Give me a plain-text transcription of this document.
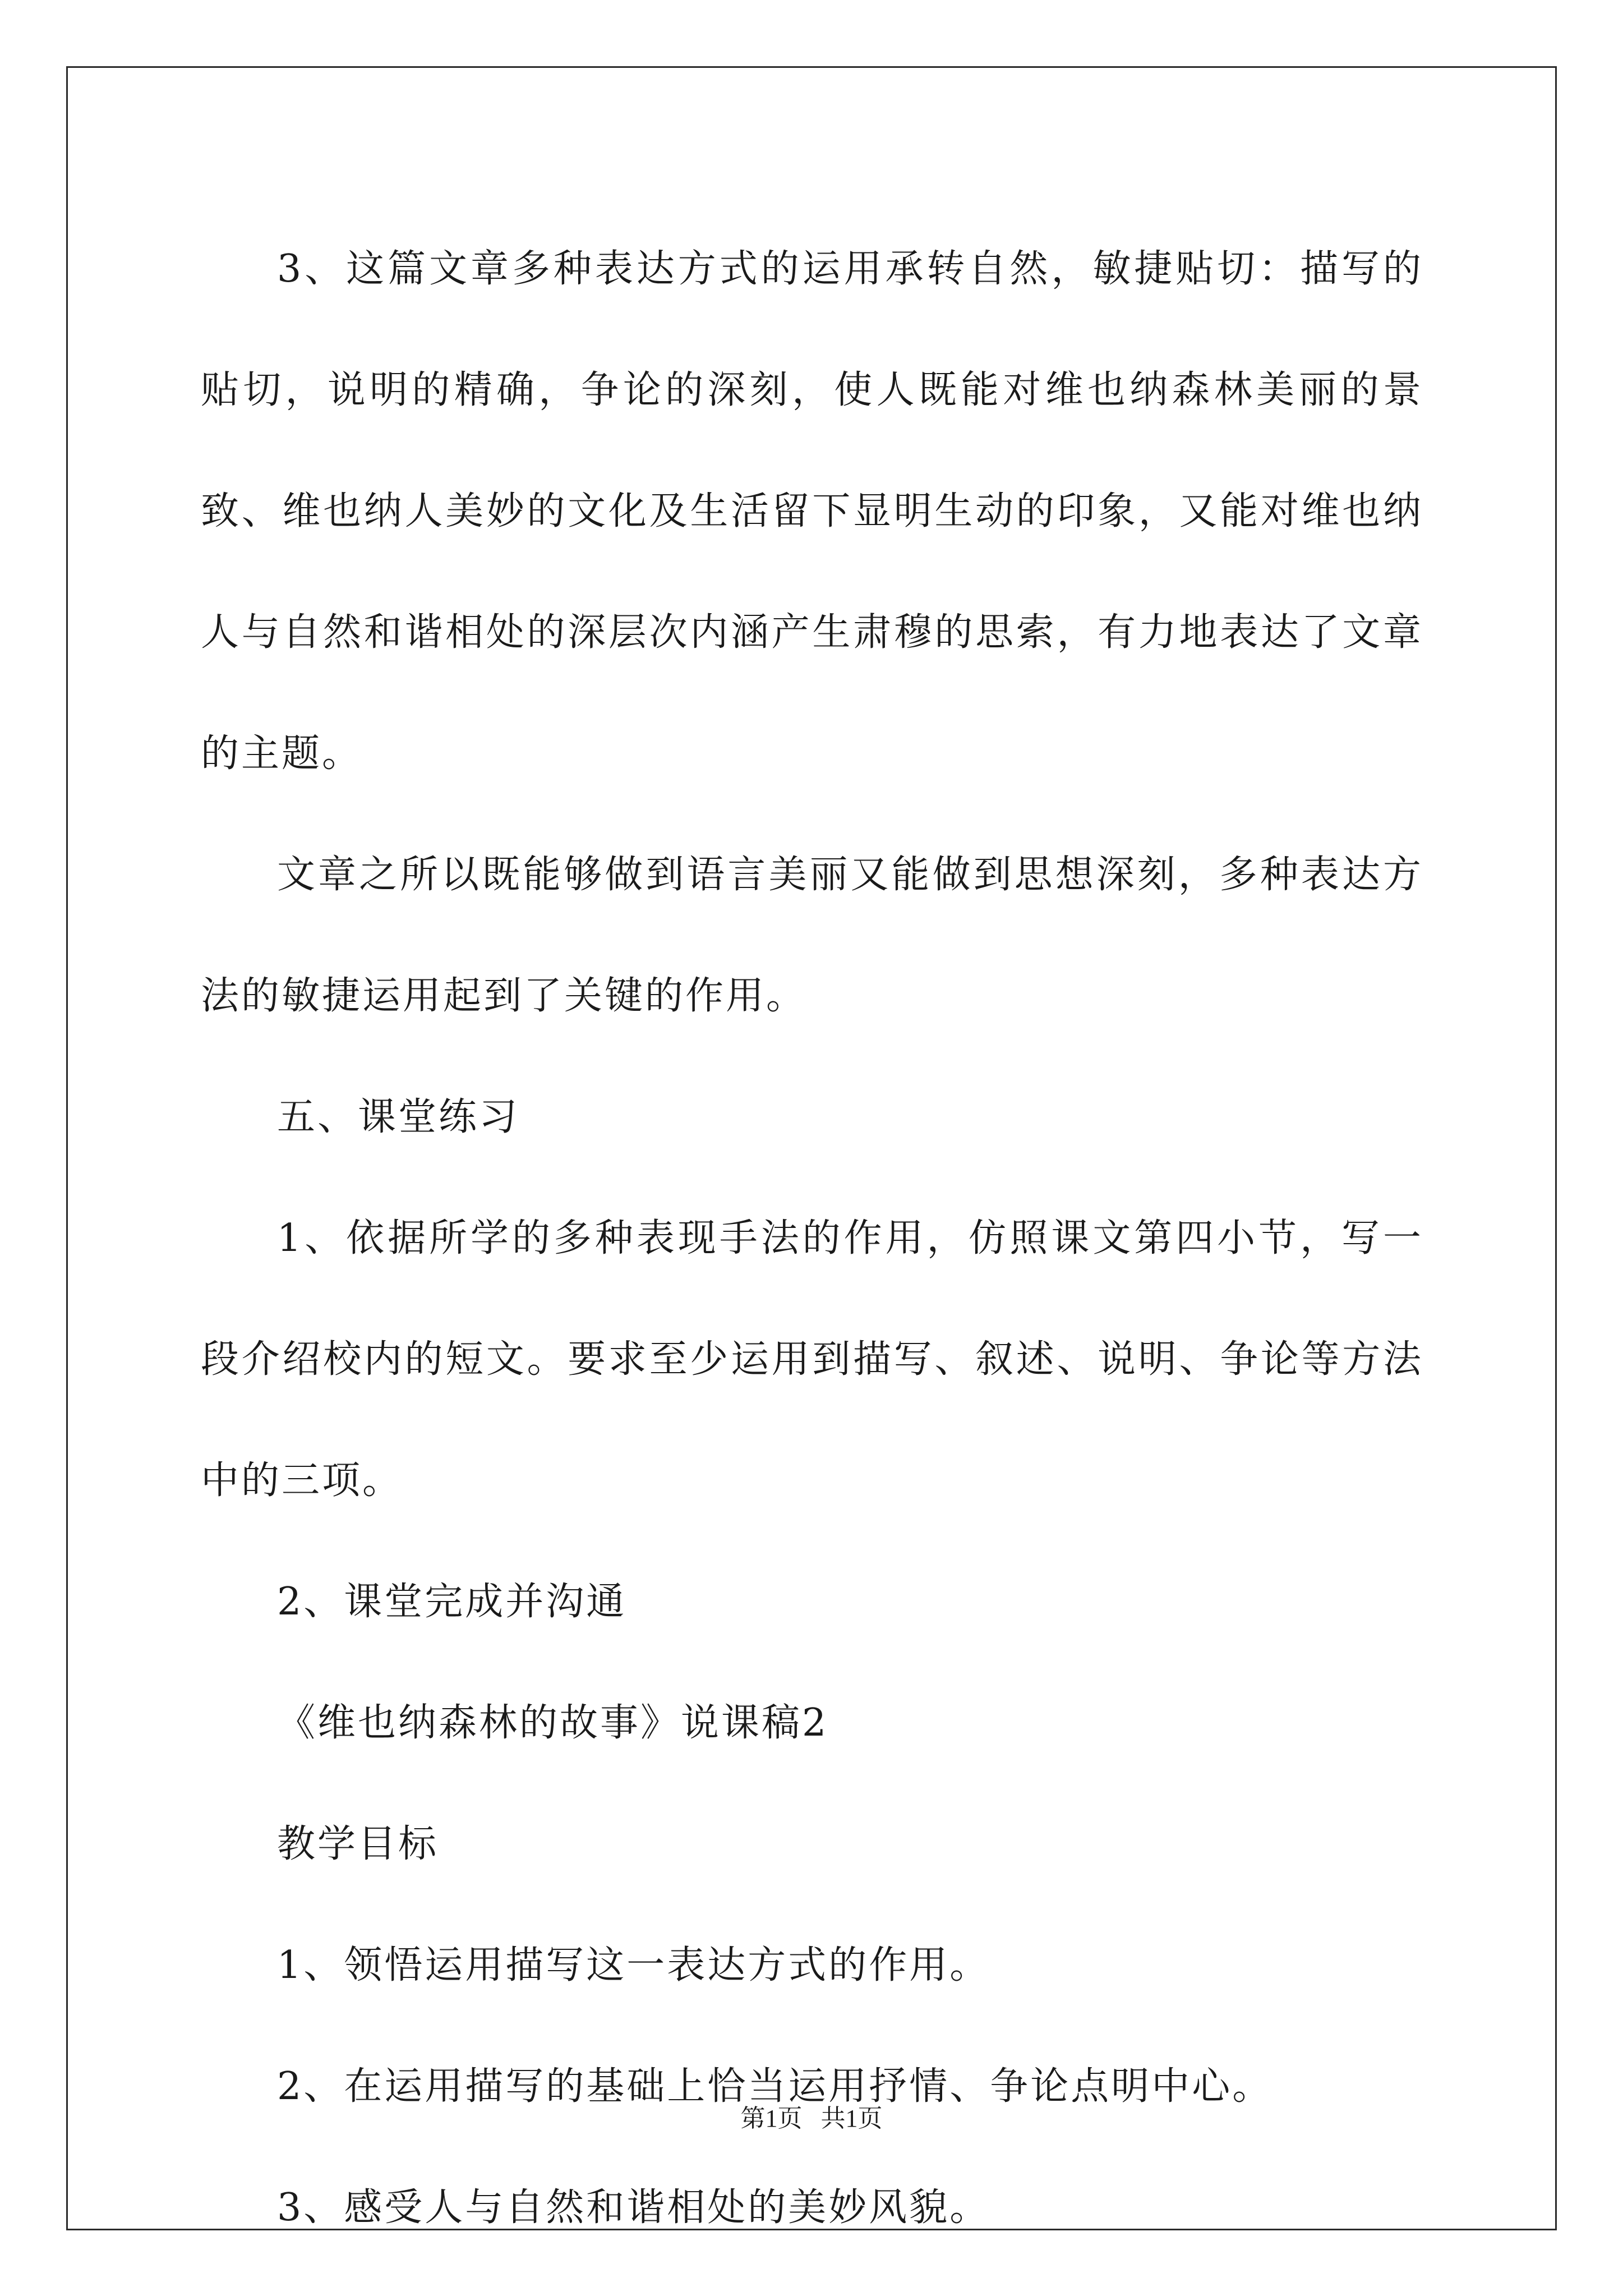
3、这篇文章多种表达方式的运用承转自然，敏捷贴切：描写的贴切，说明的精确，争论的深刻，使人既能对维也纳森林美丽的景致、维也纳人美妙的文化及生活留下显明生动的印象，又能对维也纳人与自然和谐相处的深层次内涵产生肃穆的思索，有力地表达了文章的主题。

文章之所以既能够做到语言美丽又能做到思想深刻，多种表达方法的敏捷运用起到了关键的作用。

五、课堂练习

1、依据所学的多种表现手法的作用，仿照课文第四小节，写一段介绍校内的短文。要求至少运用到描写、叙述、说明、争论等方法中的三项。

2、课堂完成并沟通

《维也纳森林的故事》说课稿2

教学目标

1、领悟运用描写这一表达方式的作用。

2、在运用描写的基础上恰当运用抒情、争论点明中心。

3、感受人与自然和谐相处的美妙风貌。

第1页   共1页
